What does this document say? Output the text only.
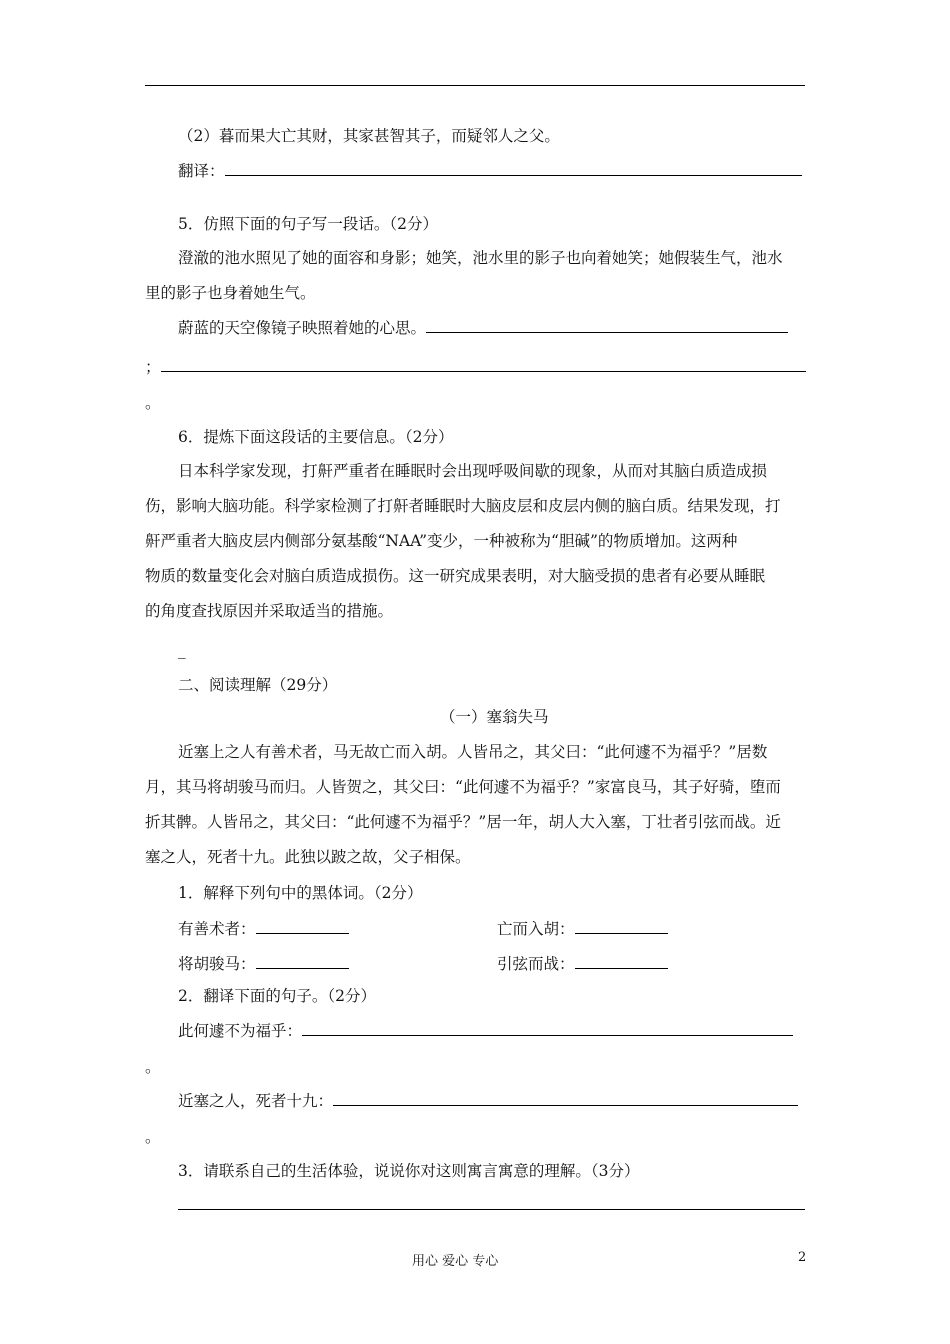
（2）暮而果大亡其财，其家甚智其子，而疑邻人之父。
翻译：
5．仿照下面的句子写一段话。（2分）
澄澈的池水照见了她的面容和身影；她笑，池水里的影子也向着她笑；她假装生气，池水
里的影子也身着她生气。
蔚蓝的天空像镜子映照着她的心思。
；
。
6．提炼下面这段话的主要信息。（2分）
日本科学家发现，打鼾严重者在睡眠时会出现呼吸间歇的现象，从而对其脑白质造成损
伤，影响大脑功能。科学家检测了打鼾者睡眠时大脑皮层和皮层内侧的脑白质。结果发现，打
鼾严重者大脑皮层内侧部分氨基酸“NAA”变少，一种被称为“胆碱”的物质增加。这两种
物质的数量变化会对脑白质造成损伤。这一研究成果表明，对大脑受损的患者有必要从睡眠
的角度查找原因并采取适当的措施。
_
二、阅读理解（29分）
（一）塞翁失马
近塞上之人有善术者，马无故亡而入胡。人皆吊之，其父曰：“此何遽不为福乎？”居数
月，其马将胡骏马而归。人皆贺之，其父曰：“此何遽不为福乎？”家富良马，其子好骑，堕而
折其髀。人皆吊之，其父曰：“此何遽不为福乎？”居一年，胡人大入塞，丁壮者引弦而战。近
塞之人，死者十九。此独以跛之故，父子相保。
1．解释下列句中的黑体词。（2分）
有善术者：	亡而入胡：
将胡骏马：	引弦而战：
2．翻译下面的句子。（2分）
此何遽不为福乎：
。
近塞之人，死者十九：
。
3．请联系自己的生活体验，说说你对这则寓言寓意的理解。（3分）
用心 爱心 专心	2
